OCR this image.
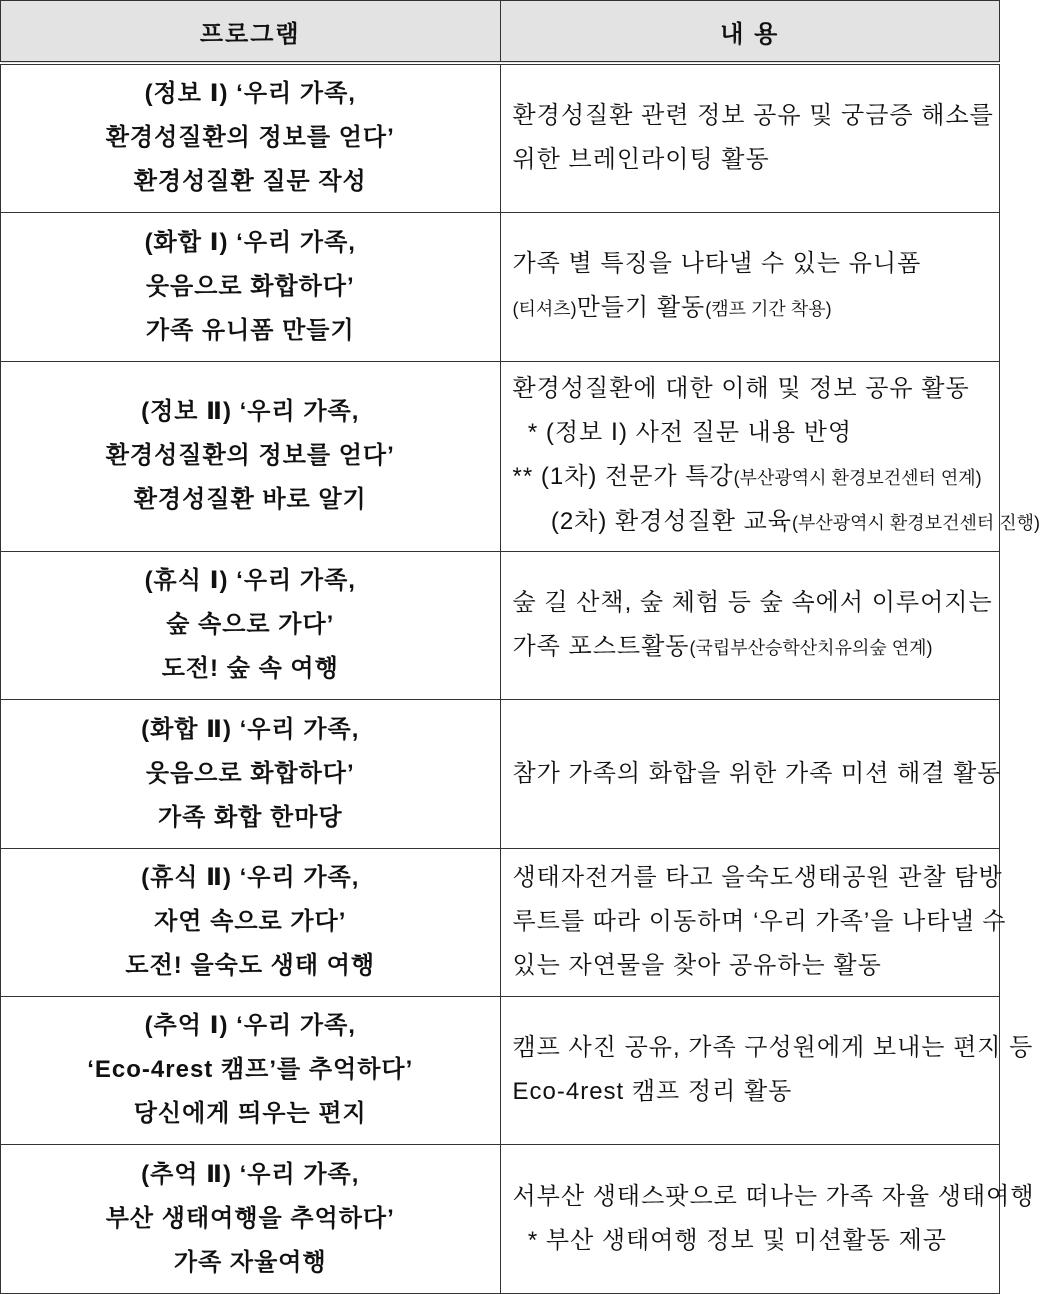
프로그램	내 용

(정보 Ⅰ) ‘우리 가족,
환경성질환의 정보를 얻다’
환경성질환 질문 작성	환경성질환 관련 정보 공유 및 궁금증 해소를
위한 브레인라이팅 활동

(화합 Ⅰ) ‘우리 가족,
웃음으로 화합하다’
가족 유니폼 만들기	가족 별 특징을 나타낼 수 있는 유니폼
(티셔츠)만들기 활동(캠프 기간 착용)

(정보 Ⅱ) ‘우리 가족,
환경성질환의 정보를 얻다’
환경성질환 바로 알기	환경성질환에 대한 이해 및 정보 공유 활동
* (정보 Ⅰ) 사전 질문 내용 반영
** (1차) 전문가 특강(부산광역시 환경보건센터 연계)
(2차) 환경성질환 교육(부산광역시 환경보건센터 진행)

(휴식 Ⅰ) ‘우리 가족,
숲 속으로 가다’
도전! 숲 속 여행	숲 길 산책, 숲 체험 등 숲 속에서 이루어지는
가족 포스트활동(국립부산승학산치유의숲 연계)

(화합 Ⅱ) ‘우리 가족,
웃음으로 화합하다’
가족 화합 한마당	참가 가족의 화합을 위한 가족 미션 해결 활동

(휴식 Ⅱ) ‘우리 가족,
자연 속으로 가다’
도전! 을숙도 생태 여행	생태자전거를 타고 을숙도생태공원 관찰 탐방
루트를 따라 이동하며 ‘우리 가족’을 나타낼 수
있는 자연물을 찾아 공유하는 활동

(추억 Ⅰ) ‘우리 가족,
‘Eco-4rest 캠프’를 추억하다’
당신에게 띄우는 편지	캠프 사진 공유, 가족 구성원에게 보내는 편지 등
Eco-4rest 캠프 정리 활동

(추억 Ⅱ) ‘우리 가족,
부산 생태여행을 추억하다’
가족 자율여행	서부산 생태스팟으로 떠나는 가족 자율 생태여행
* 부산 생태여행 정보 및 미션활동 제공
